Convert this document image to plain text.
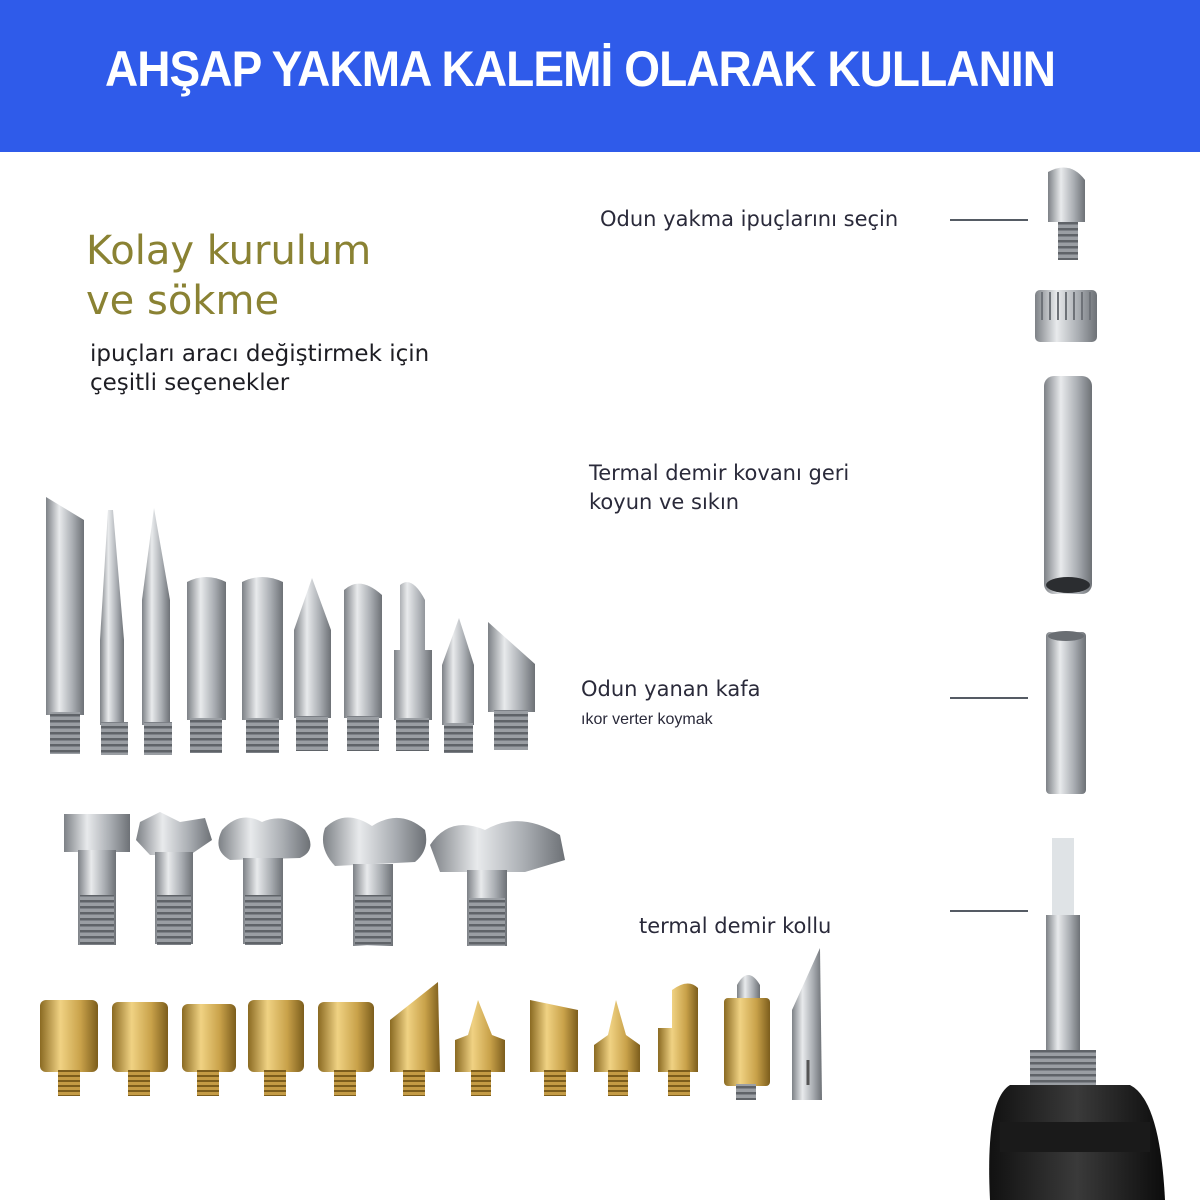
AHŞAP YAKMA KALEMİ OLARAK KULLANIN
Kolay kurulum
ve sökme
ipuçları aracı değiştirmek için
çeşitli seçenekler
Odun yakma ipuçlarını seçin
Termal demir kovanı geri
koyun ve sıkın
Odun yanan kafa
ıkor verter koymak
termal demir kollu
